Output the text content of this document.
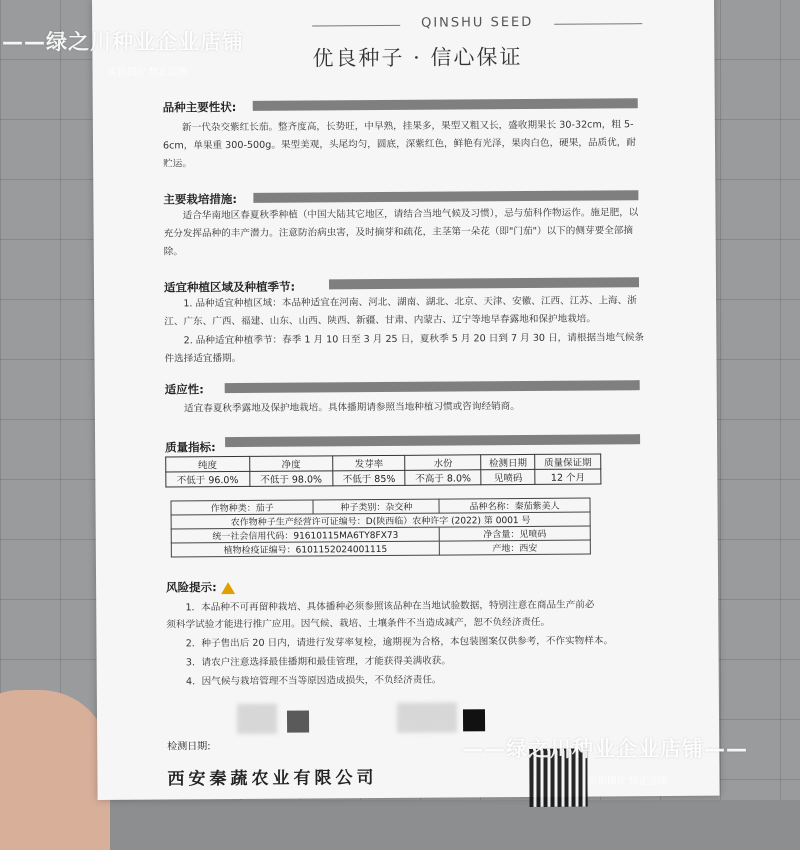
QINSHU SEED
优良种子 · 信心保证
品种主要性状:
新一代杂交紫红长茄。整齐度高，长势旺，中早熟，挂果多，果型又粗又长，盛收期果长 30-32cm，粗 5-6cm，单果重 300-500g。果型美观，头尾均匀，圆底，深紫红色，鲜艳有光泽，果肉白色，硬果，品质优，耐贮运。
主要栽培措施:
适合华南地区春夏秋季种植（中国大陆其它地区，请结合当地气候及习惯），忌与茄科作物运作。施足肥，以充分发挥品种的丰产潜力。注意防治病虫害，及时摘芽和疏花，主茎第一朵花（即"门茄"）以下的侧芽要全部摘除。
适宜种植区域及种植季节:
1. 品种适宜种植区域：本品种适宜在河南、河北、湖南、湖北、北京、天津、安徽、江西、江苏、上海、浙江、广东、广西、福建、山东、山西、陕西、新疆、甘肃、内蒙古、辽宁等地早春露地和保护地栽培。
2. 品种适宜种植季节：春季 1 月 10 日至 3 月 25 日，夏秋季 5 月 20 日到 7 月 30 日，请根据当地气候条件选择适宜播期。
适应性:
适宜春夏秋季露地及保护地栽培。具体播期请参照当地种植习惯或咨询经销商。
质量指标:
纯度	净度	发芽率	水份	检测日期	质量保证期
不低于 96.0%	不低于 98.0%	不低于 85%	不高于 8.0%	见喷码	12 个月
作物种类：茄子	种子类别：杂交种	品种名称：秦茄紫美人
农作物种子生产经营许可证编号：D(陕西临）农种许字 (2022) 第 0001 号		
统一社会信用代码：91610115MA6TY8FX73		净含量：见喷码
植物检疫证编号：6101152024001115		产地：西安
风险提示:
1．本品种不可再留种栽培、具体播种必须参照该品种在当地试验数据，特别注意在商品生产前必
须科学试验才能进行推广应用。因气候、栽培、土壤条件不当造成减产，恕不负经济责任。
2．种子售出后 20 日内，请进行发芽率复检，逾期视为合格，本包装图案仅供参考，不作实物样本。
3．请农户注意选择最佳播期和最佳管理，才能获得美满收获。
4．因气候与栽培管理不当等原因造成损失，不负经济责任。
检测日期:
西安秦蔬农业有限公司
——绿之川种业企业店铺
实拍图片 禁止盗图
——绿之川种业企业店铺——
实拍图片 禁止盗图
